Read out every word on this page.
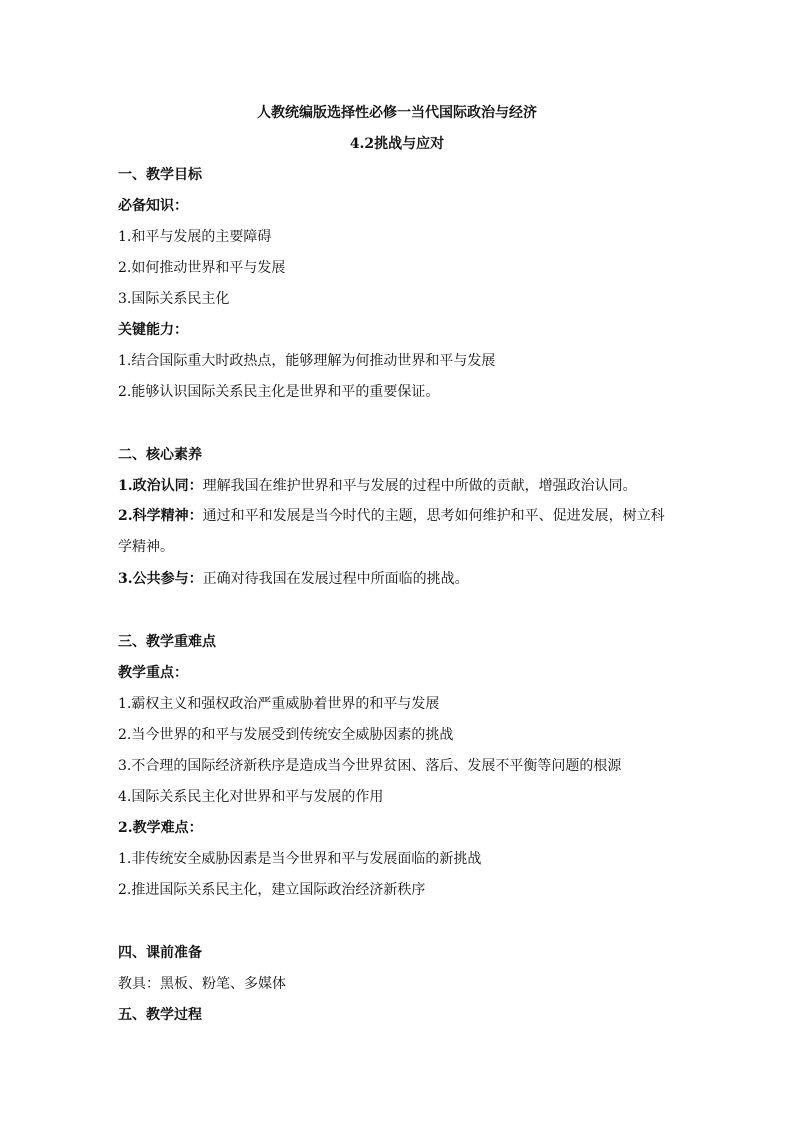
人教统编版选择性必修一当代国际政治与经济
4.2挑战与应对
一、教学目标
必备知识：
1.和平与发展的主要障碍
2.如何推动世界和平与发展
3.国际关系民主化
关键能力：
1.结合国际重大时政热点，能够理解为何推动世界和平与发展
2.能够认识国际关系民主化是世界和平的重要保证。
二、核心素养
1.政治认同：理解我国在维护世界和平与发展的过程中所做的贡献，增强政治认同。
2.科学精神：通过和平和发展是当今时代的主题，思考如何维护和平、促进发展，树立科学精神。
3.公共参与：正确对待我国在发展过程中所面临的挑战。
三、教学重难点
教学重点：
1.霸权主义和强权政治严重威胁着世界的和平与发展
2.当今世界的和平与发展受到传统安全威胁因素的挑战
3.不合理的国际经济新秩序是造成当今世界贫困、落后、发展不平衡等问题的根源
4.国际关系民主化对世界和平与发展的作用
2.教学难点：
1.非传统安全威胁因素是当今世界和平与发展面临的新挑战
2.推进国际关系民主化，建立国际政治经济新秩序
四、课前准备
教具：黑板、粉笔、多媒体
五、教学过程
